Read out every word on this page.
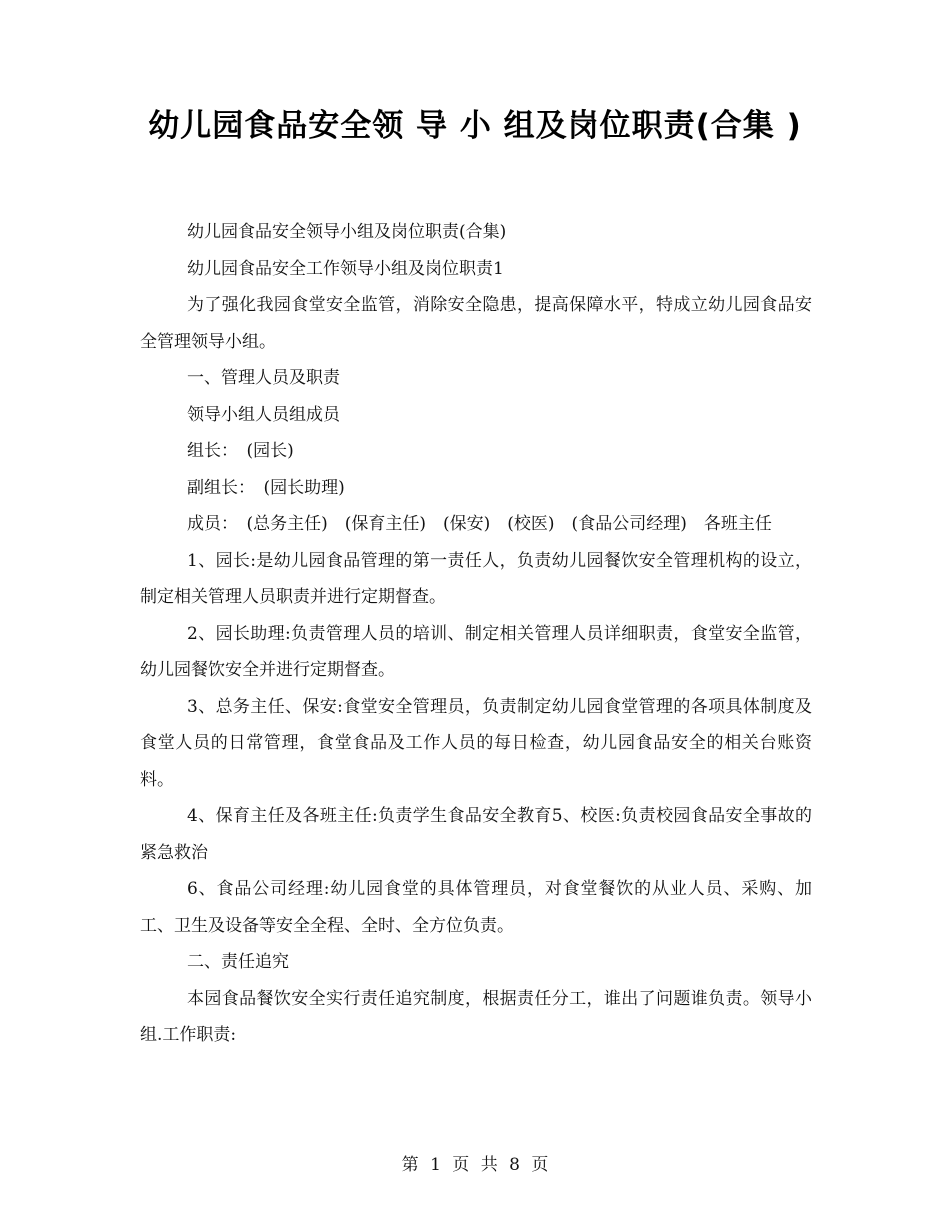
幼儿园食品安全领 导 小 组及岗位职责(合集 )

幼儿园食品安全领导小组及岗位职责(合集)

幼儿园食品安全工作领导小组及岗位职责1

为了强化我园食堂安全监管，消除安全隐患，提高保障水平，特成立幼儿园食品安全管理领导小组。

一、管理人员及职责

领导小组人员组成员

组长：　(园长)

副组长：　(园长助理)

成员：　(总务主任)　(保育主任)　(保安)　(校医)　(食品公司经理)　各班主任

1、园长:是幼儿园食品管理的第一责任人，负责幼儿园餐饮安全管理机构的设立，制定相关管理人员职责并进行定期督查。

2、园长助理:负责管理人员的培训、制定相关管理人员详细职责，食堂安全监管，幼儿园餐饮安全并进行定期督查。

3、总务主任、保安:食堂安全管理员，负责制定幼儿园食堂管理的各项具体制度及食堂人员的日常管理，食堂食品及工作人员的每日检查，幼儿园食品安全的相关台账资料。

4、保育主任及各班主任:负责学生食品安全教育5、校医:负责校园食品安全事故的紧急救治

6、食品公司经理:幼儿园食堂的具体管理员，对食堂餐饮的从业人员、采购、加工、卫生及设备等安全全程、全时、全方位负责。

二、责任追究

本园食品餐饮安全实行责任追究制度，根据责任分工，谁出了问题谁负责。领导小组.工作职责:

第 1 页 共 8 页
